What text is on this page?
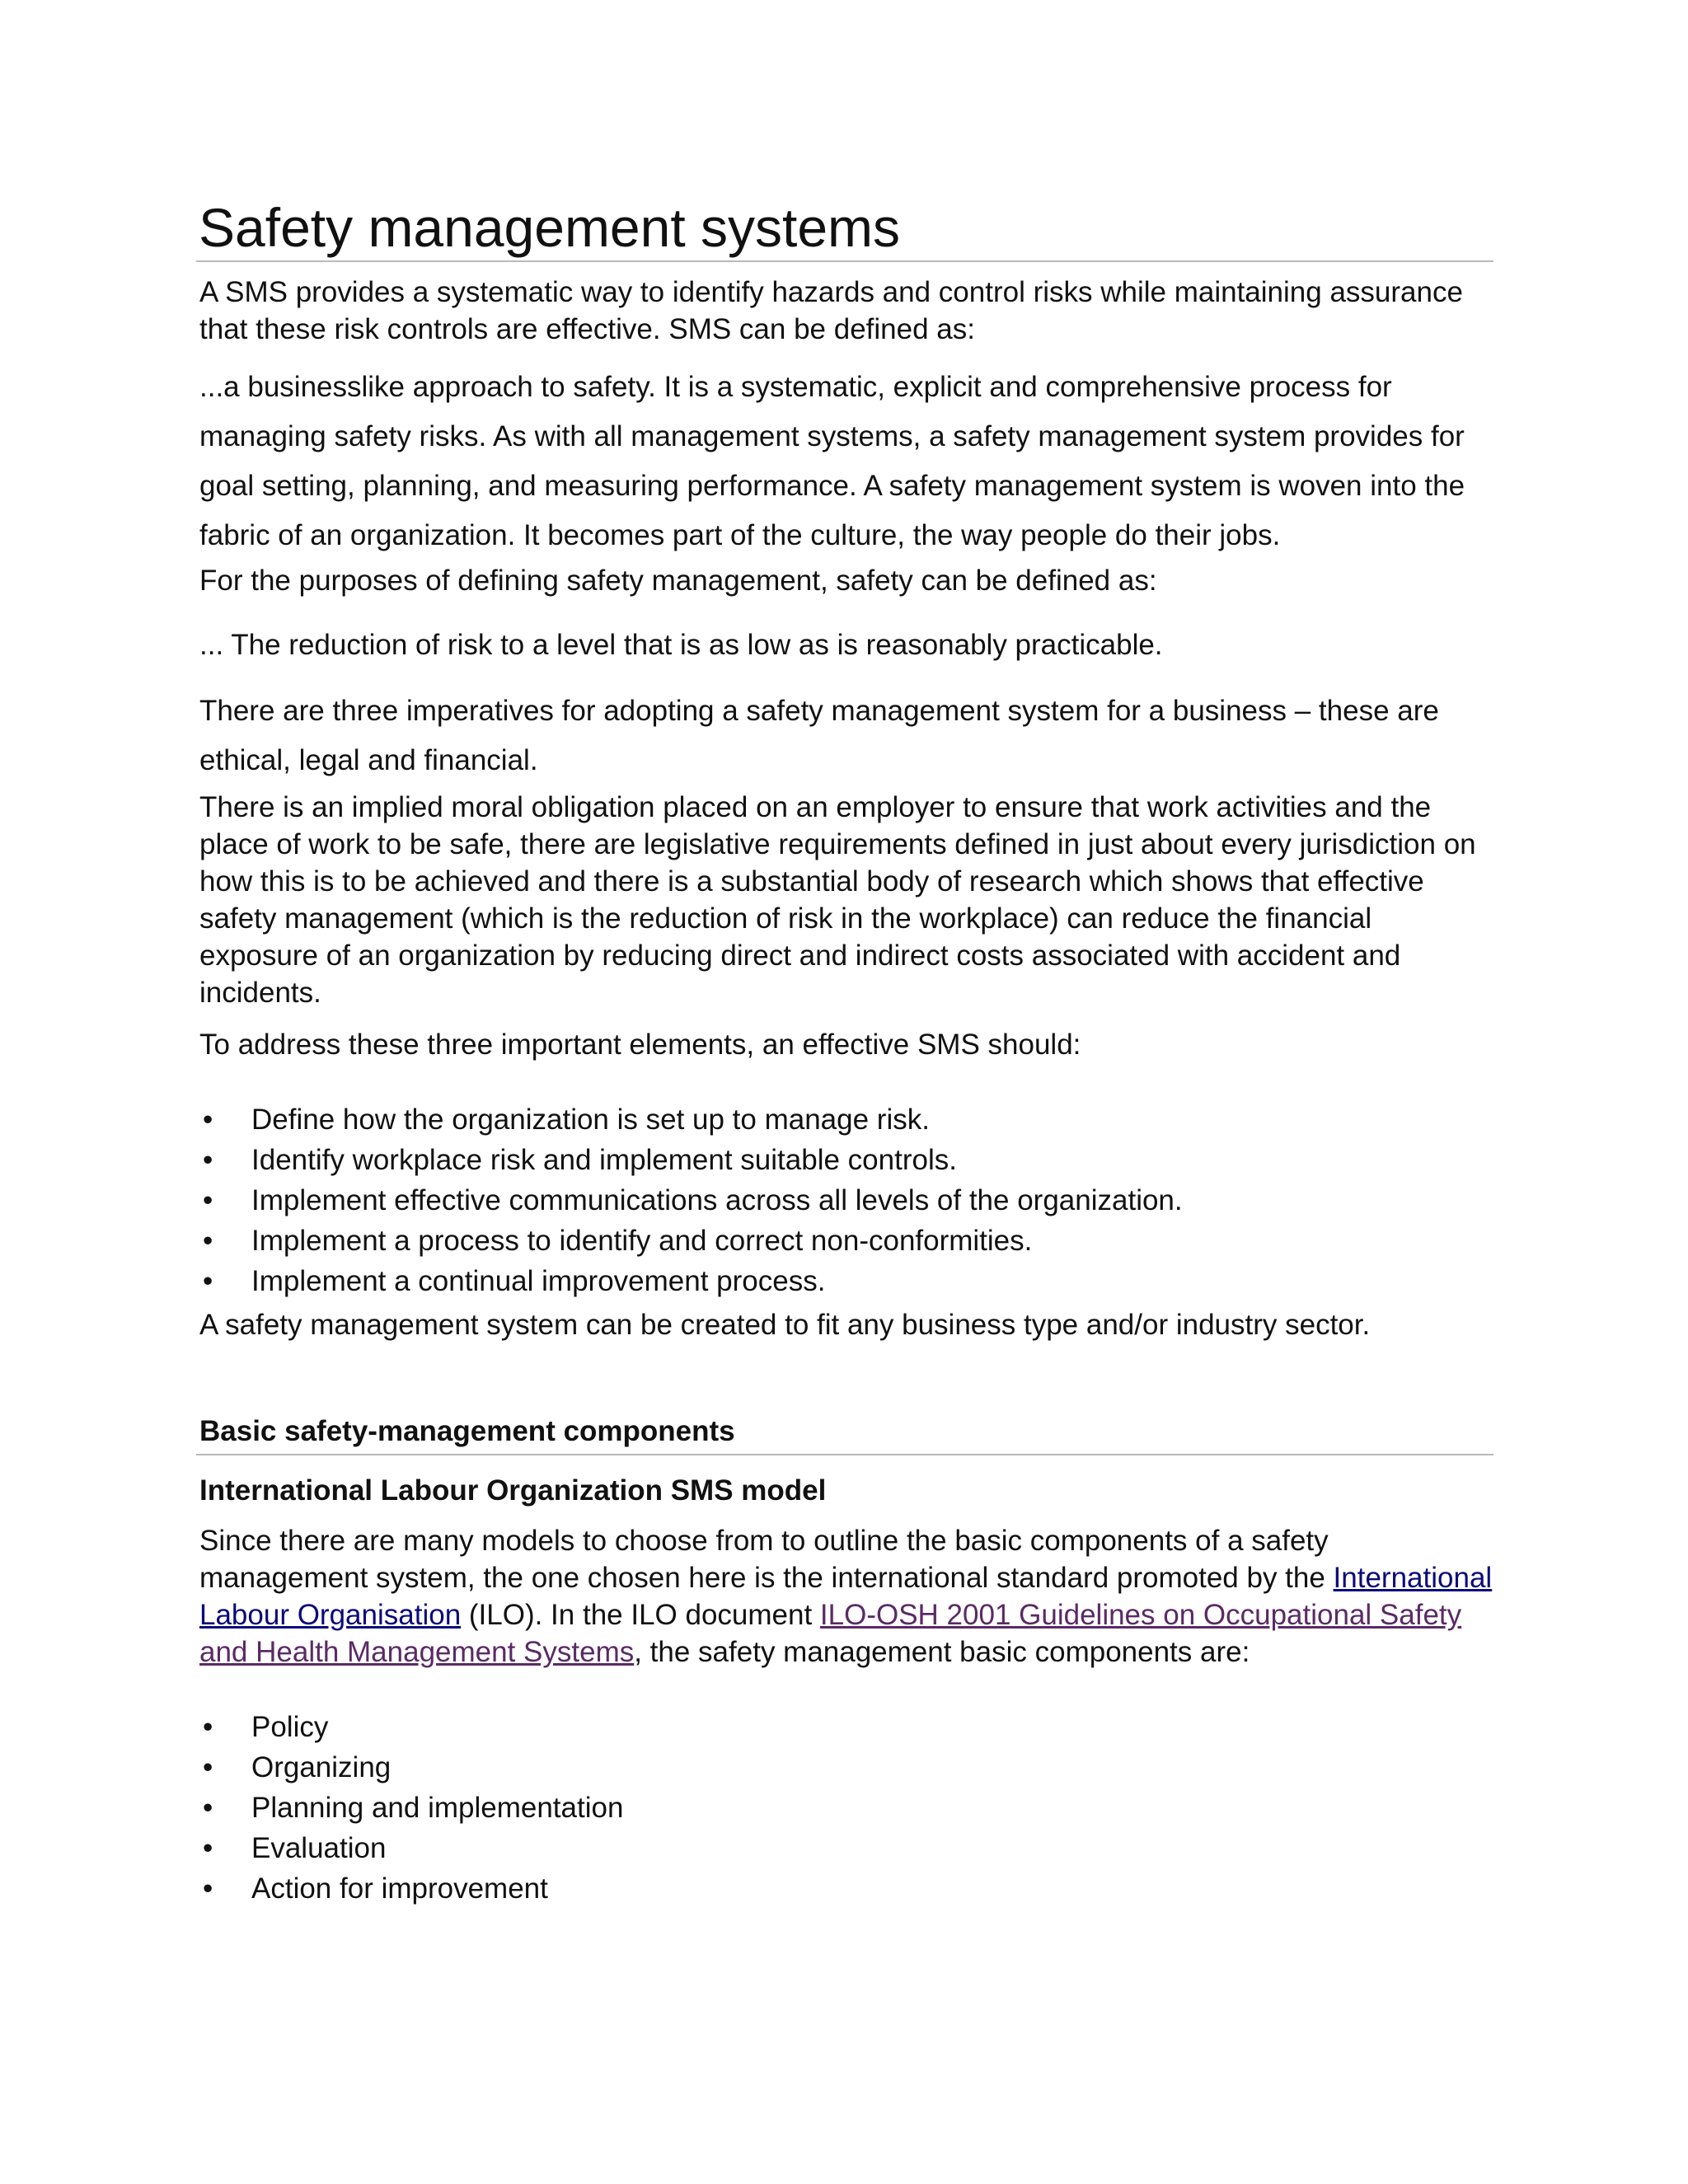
Safety management systems

A SMS provides a systematic way to identify hazards and control risks while maintaining assurance that these risk controls are effective. SMS can be defined as:

...a businesslike approach to safety. It is a systematic, explicit and comprehensive process for managing safety risks. As with all management systems, a safety management system provides for goal setting, planning, and measuring performance. A safety management system is woven into the fabric of an organization. It becomes part of the culture, the way people do their jobs.

For the purposes of defining safety management, safety can be defined as:

... The reduction of risk to a level that is as low as is reasonably practicable.

There are three imperatives for adopting a safety management system for a business – these are ethical, legal and financial.

There is an implied moral obligation placed on an employer to ensure that work activities and the place of work to be safe, there are legislative requirements defined in just about every jurisdiction on how this is to be achieved and there is a substantial body of research which shows that effective safety management (which is the reduction of risk in the workplace) can reduce the financial exposure of an organization by reducing direct and indirect costs associated with accident and incidents.

To address these three important elements, an effective SMS should:

• Define how the organization is set up to manage risk.
• Identify workplace risk and implement suitable controls.
• Implement effective communications across all levels of the organization.
• Implement a process to identify and correct non-conformities.
• Implement a continual improvement process.

A safety management system can be created to fit any business type and/or industry sector.

Basic safety-management components

International Labour Organization SMS model

Since there are many models to choose from to outline the basic components of a safety management system, the one chosen here is the international standard promoted by the International Labour Organisation (ILO). In the ILO document ILO-OSH 2001 Guidelines on Occupational Safety and Health Management Systems, the safety management basic components are:

• Policy
• Organizing
• Planning and implementation
• Evaluation
• Action for improvement
